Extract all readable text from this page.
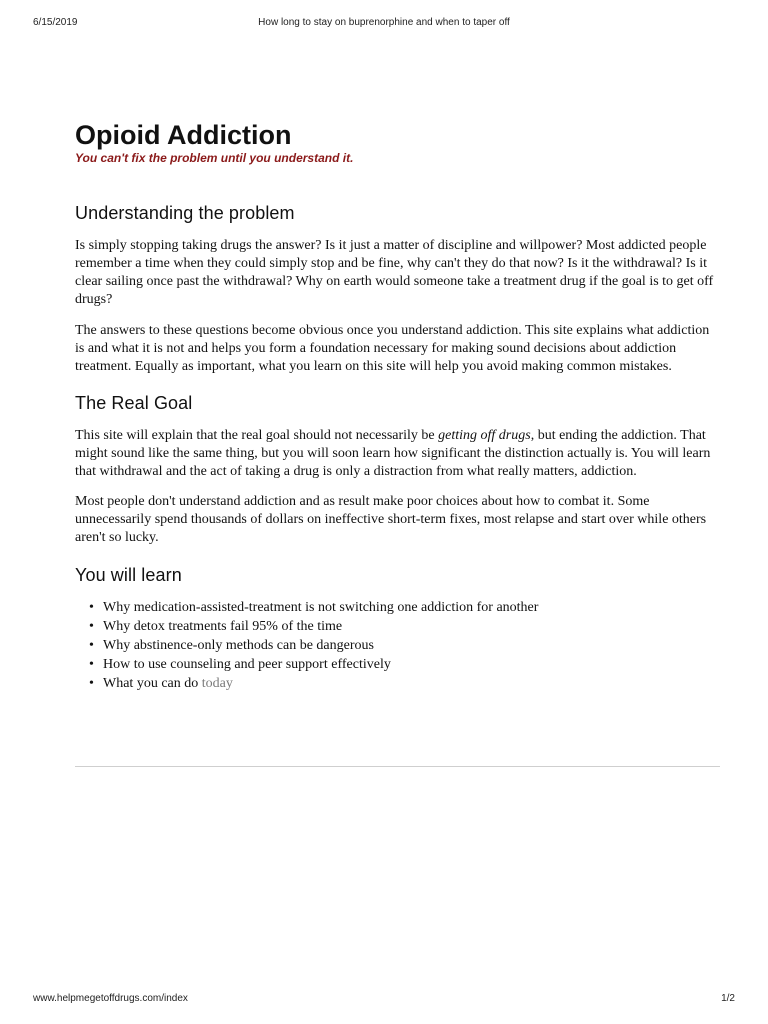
6/15/2019	How long to stay on buprenorphine and when to taper off
Opioid Addiction
You can't fix the problem until you understand it.
Understanding the problem

Is simply stopping taking drugs the answer? Is it just a matter of discipline and willpower? Most addicted people remember a time when they could simply stop and be fine, why can't they do that now? Is it the withdrawal? Is it clear sailing once past the withdrawal? Why on earth would someone take a treatment drug if the goal is to get off drugs?

The answers to these questions become obvious once you understand addiction. This site explains what addiction is and what it is not and helps you form a foundation necessary for making sound decisions about addiction treatment. Equally as important, what you learn on this site will help you avoid making common mistakes.

The Real Goal

This site will explain that the real goal should not necessarily be getting off drugs, but ending the addiction. That might sound like the same thing, but you will soon learn how significant the distinction actually is. You will learn that withdrawal and the act of taking a drug is only a distraction from what really matters, addiction.

Most people don't understand addiction and as result make poor choices about how to combat it. Some unnecessarily spend thousands of dollars on ineffective short-term fixes, most relapse and start over while others aren't so lucky.

You will learn
• Why medication-assisted-treatment is not switching one addiction for another
• Why detox treatments fail 95% of the time
• Why abstinence-only methods can be dangerous
• How to use counseling and peer support effectively
• What you can do today
www.helpmegetoffdrugs.com/index	1/2
